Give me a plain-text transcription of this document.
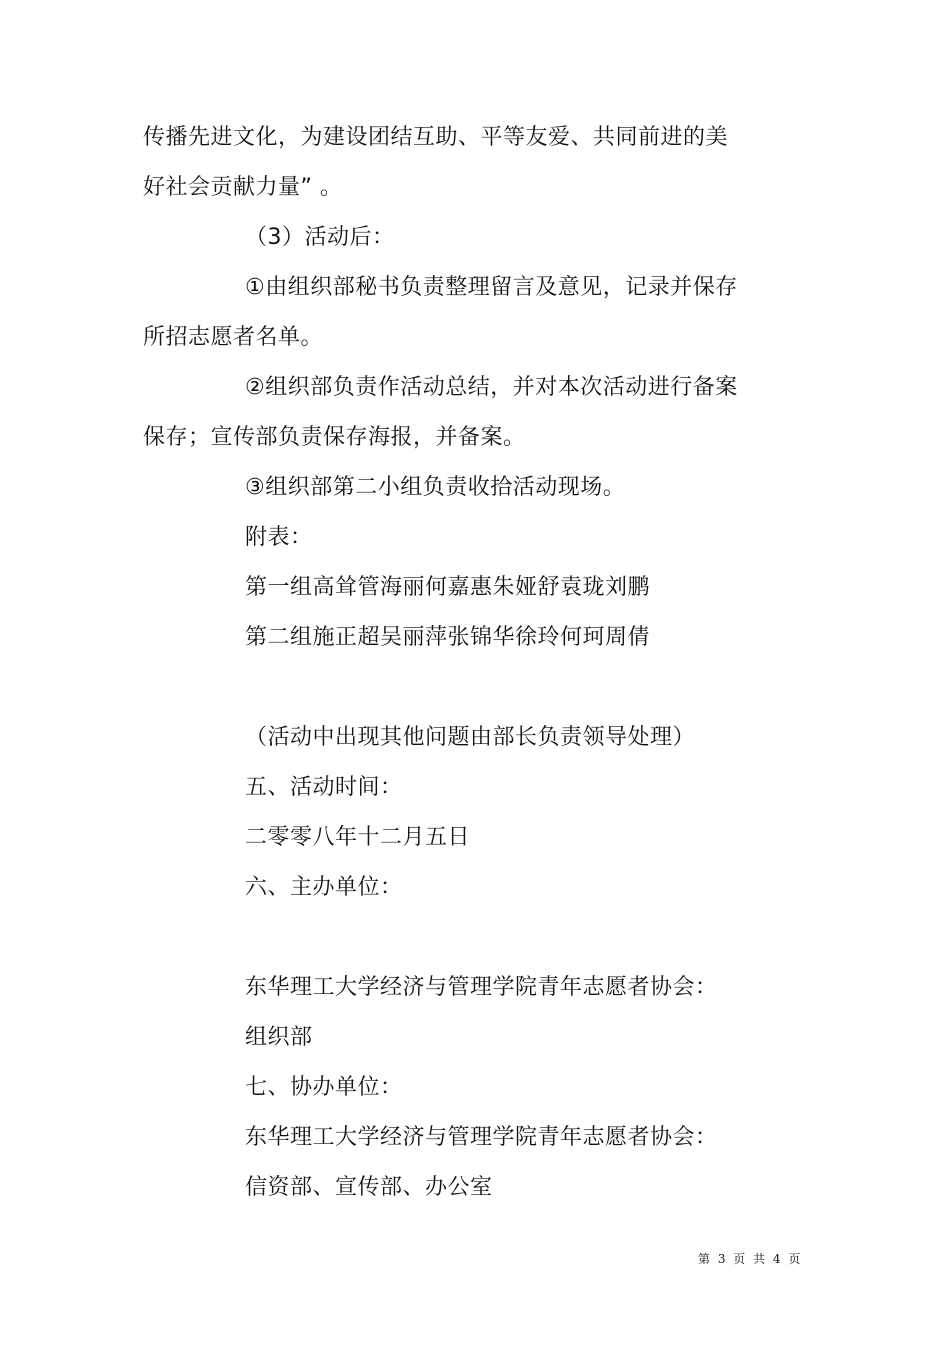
传播先进文化，为建设团结互助、平等友爱、共同前进的美
好社会贡献力量” 。
（3）活动后：
①由组织部秘书负责整理留言及意见，记录并保存
所招志愿者名单。
②组织部负责作活动总结，并对本次活动进行备案
保存；宣传部负责保存海报，并备案。
③组织部第二小组负责收拾活动现场。
附表：
第一组高耸管海丽何嘉惠朱娅舒袁珑刘鹏
第二组施正超吴丽萍张锦华徐玲何珂周倩
（活动中出现其他问题由部长负责领导处理）
五、活动时间：
二零零八年十二月五日
六、主办单位：
东华理工大学经济与管理学院青年志愿者协会：
组织部
七、协办单位：
东华理工大学经济与管理学院青年志愿者协会：
信资部、宣传部、办公室
第 3 页 共 4 页
